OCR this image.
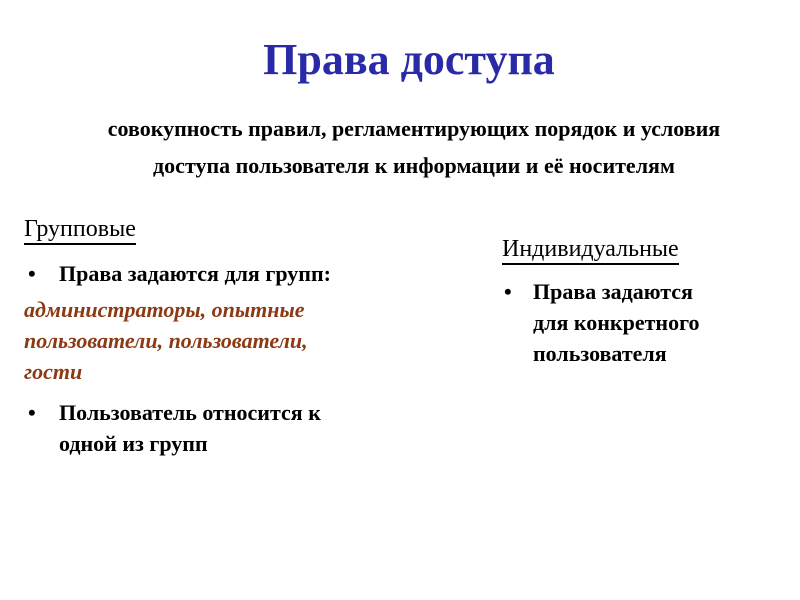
Права доступа
совокупность правил, регламентирующих порядок и условия
доступа пользователя к информации и её носителям
Групповые
• Права задаются для групп:
администраторы, опытные
пользователи, пользователи,
гости
• Пользователь относится к
одной из групп
Индивидуальные
• Права задаются
для конкретного
пользователя
